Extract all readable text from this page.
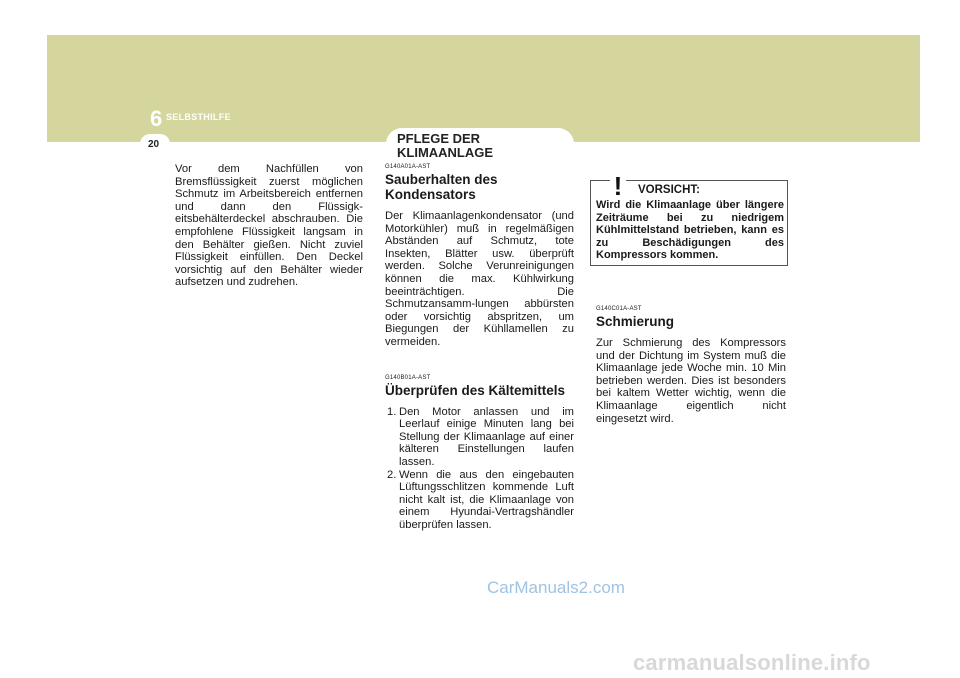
6 SELBSTHILFE
20	PFLEGE DER KLIMAANLAGE

Vor dem Nachfüllen von Bremsflüssigkeit zuerst möglichen Schmutz im Arbeitsbereich entfernen und dann den Flüssigk-eitsbehälterdeckel abschrauben. Die empfohlene Flüssigkeit langsam in den Behälter gießen. Nicht zuviel Flüssigkeit einfüllen. Den Deckel vorsichtig auf den Behälter wieder aufsetzen und zudrehen.

G140A01A-AST
Sauberhalten des Kondensators

Der Klimaanlagenkondensator (und Motorkühler) muß in regelmäßigen Abständen auf Schmutz, tote Insekten, Blätter usw. überprüft werden. Solche Verunreinigungen können die max. Kühlwirkung beeinträchtigen. Die Schmutzansamm-lungen abbürsten oder vorsichtig abspritzen, um Biegungen der Kühllamellen zu vermeiden.

G140B01A-AST
Überprüfen des Kältemittels
1. Den Motor anlassen und im Leerlauf einige Minuten lang bei Stellung der Klimaanlage auf einer kälteren Einstellungen laufen lassen.
2. Wenn die aus den eingebauten Lüftungsschlitzen kommende Luft nicht kalt ist, die Klimaanlage von einem Hyundai-Vertragshändler überprüfen lassen.
! VORSICHT:
Wird die Klimaanlage über längere Zeiträume bei zu niedrigem Kühlmittelstand betrieben, kann es zu Beschädigungen des Kompressors kommen.
G140C01A-AST
Schmierung

Zur Schmierung des Kompressors und der Dichtung im System muß die Klimaanlage jede Woche min. 10 Min betrieben werden. Dies ist besonders bei kaltem Wetter wichtig, wenn die Klimaanlage eigentlich nicht eingesetzt wird.

CarManuals2.com
carmanualsonline.info
